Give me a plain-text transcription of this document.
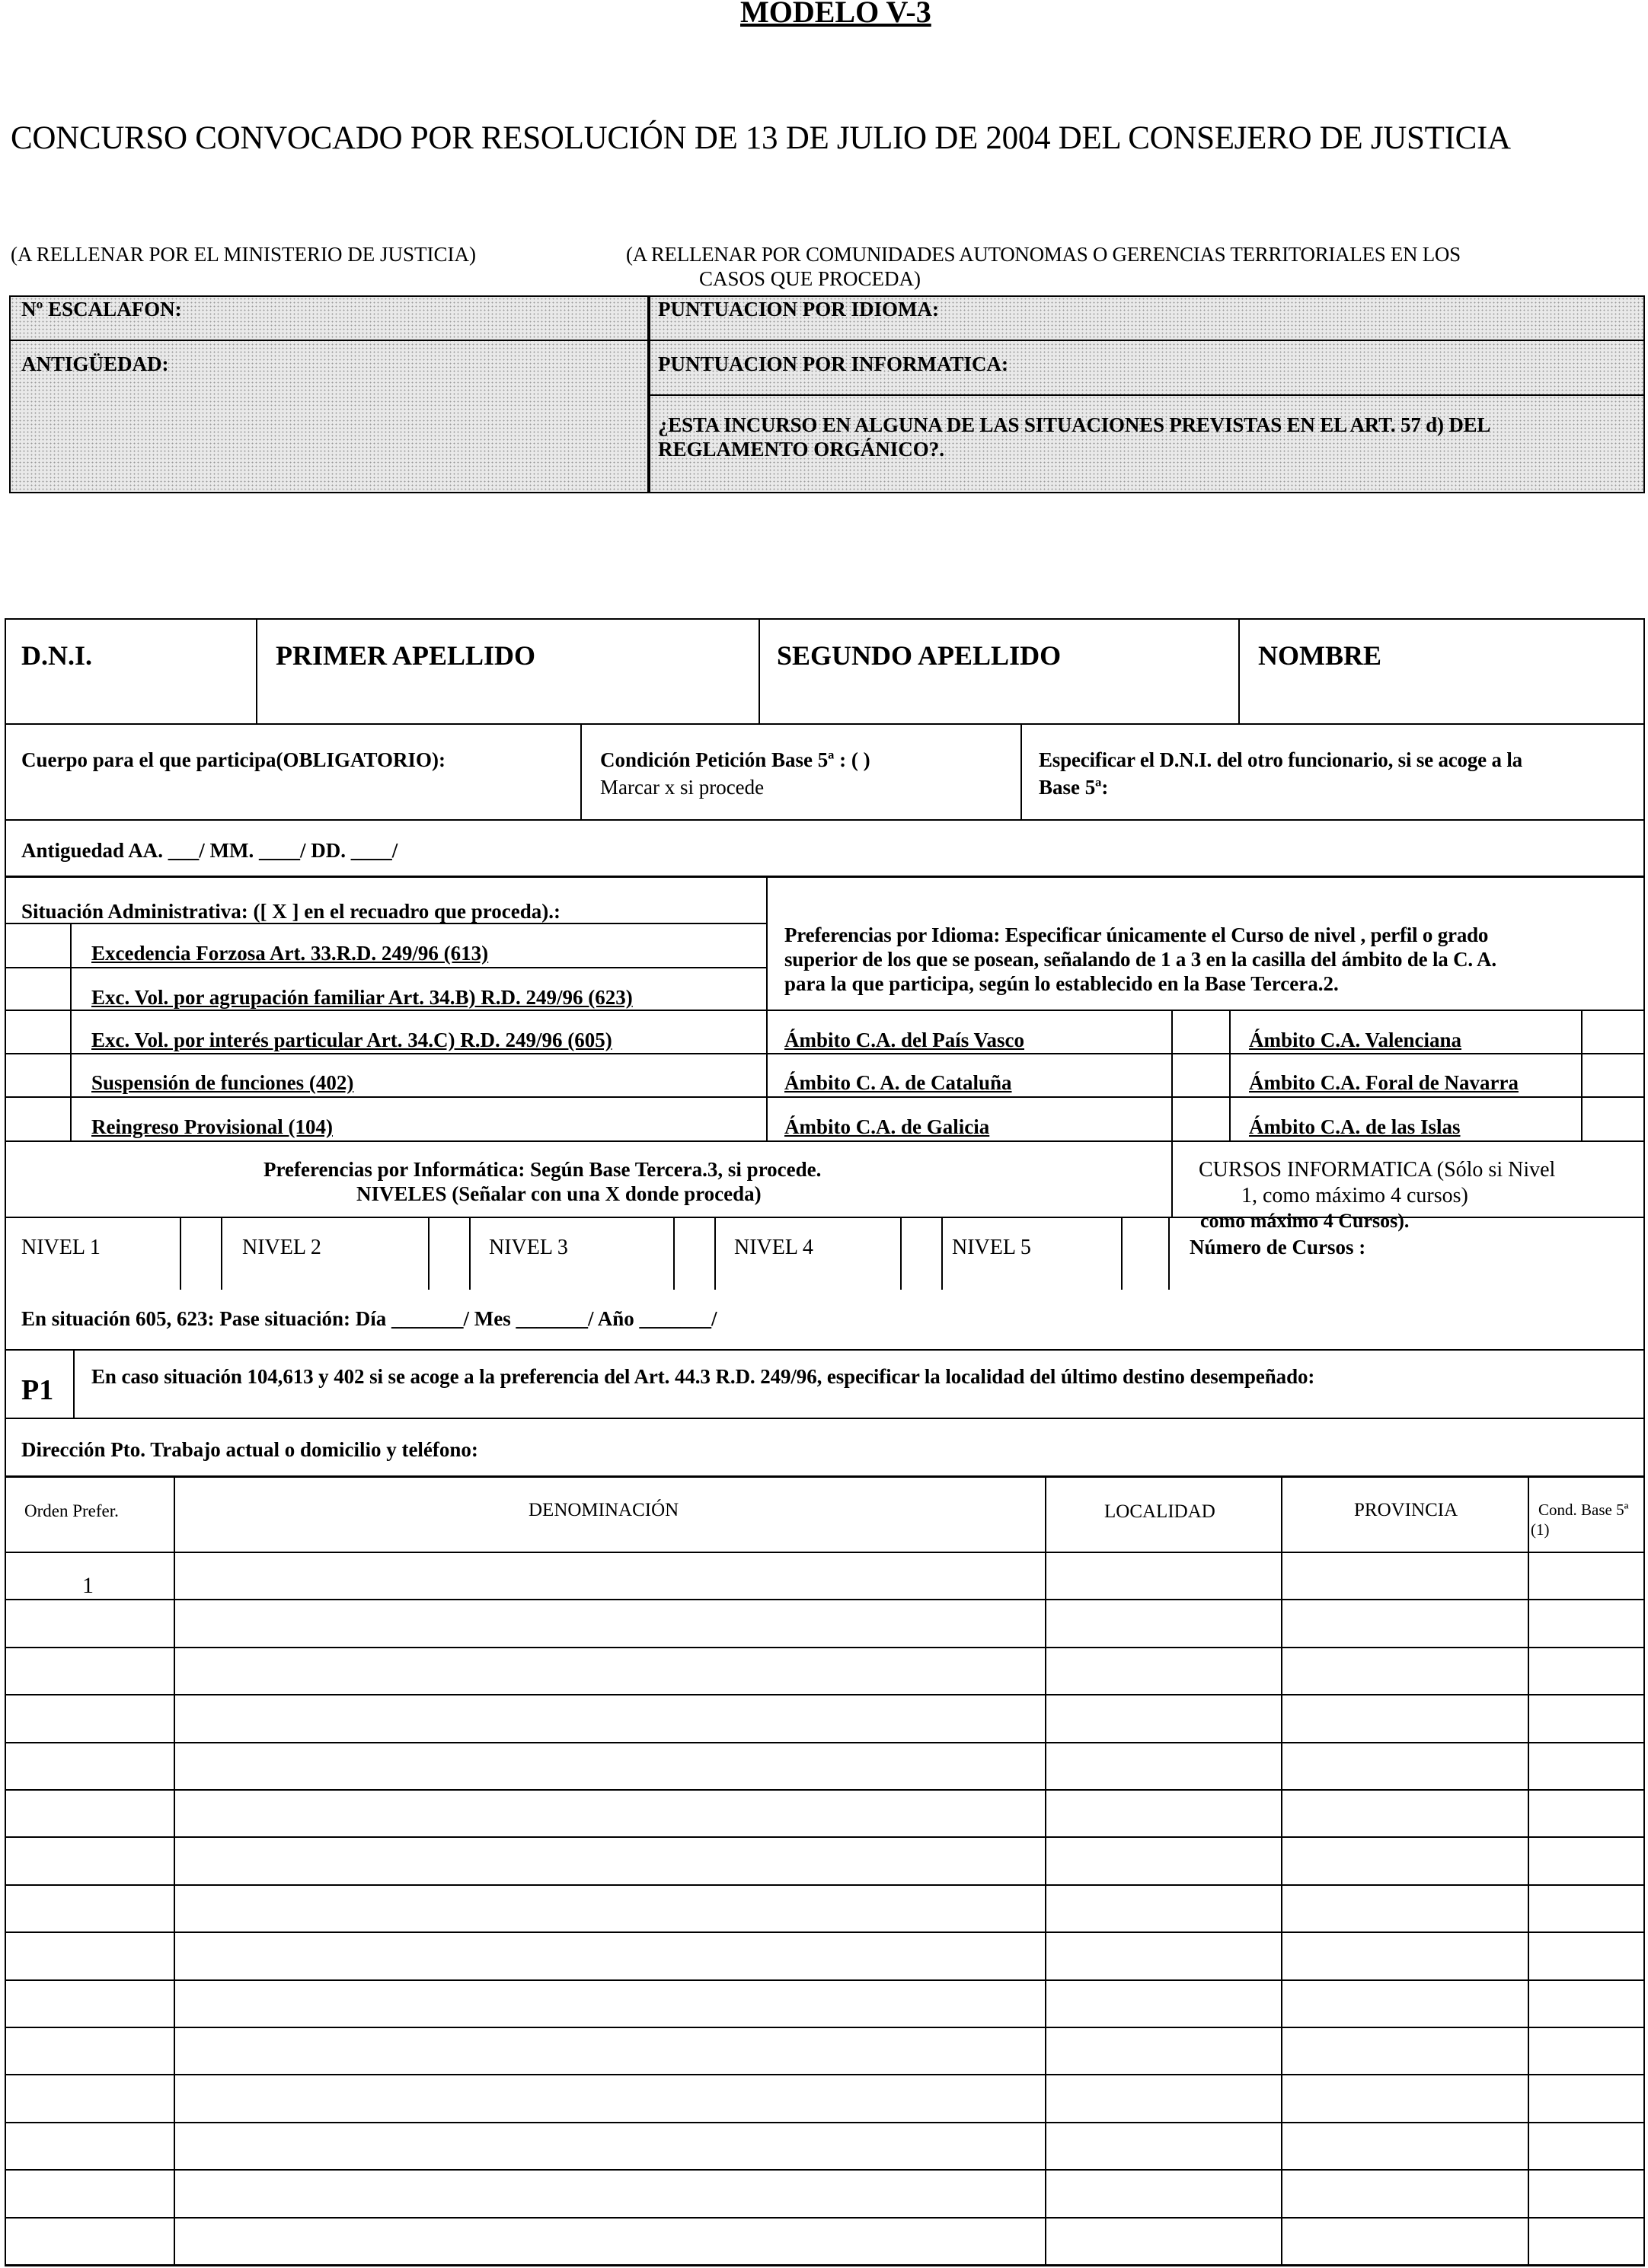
MODELO V-3
CONCURSO CONVOCADO POR RESOLUCIÓN DE 13 DE JULIO DE 2004 DEL CONSEJERO DE JUSTICIA
(A RELLENAR POR EL MINISTERIO DE JUSTICIA)	(A RELLENAR POR COMUNIDADES AUTONOMAS O GERENCIAS TERRITORIALES EN LOS
CASOS QUE PROCEDA)
Nº ESCALAFON:
ANTIGÜEDAD:
PUNTUACION POR IDIOMA:
PUNTUACION POR INFORMATICA:
¿ESTA INCURSO EN ALGUNA DE LAS SITUACIONES PREVISTAS EN EL ART. 57 d) DEL
REGLAMENTO ORGÁNICO?.
D.N.I.	PRIMER APELLIDO	SEGUNDO APELLIDO	NOMBRE
Cuerpo para el que participa(OBLIGATORIO):	Condición Petición Base 5ª : ( )
Marcar x si procede
Especificar el D.N.I. del otro funcionario, si se acoge a la
Base 5ª:
Antiguedad AA. ___/ MM. ____/ DD. ____/
Situación Administrativa: ([ X ] en el recuadro que proceda).:
Excedencia Forzosa Art. 33.R.D. 249/96 (613)
Exc. Vol. por agrupación familiar Art. 34.B) R.D. 249/96 (623)
Exc. Vol. por interés particular Art. 34.C) R.D. 249/96 (605)
Suspensión de funciones (402)
Reingreso Provisional (104)
Preferencias por Idioma: Especificar únicamente el Curso de nivel , perfil o grado
superior de los que se posean, señalando de 1 a 3 en la casilla del ámbito de la C. A.
para la que participa, según lo establecido en la Base Tercera.2.
Ámbito C.A. del País Vasco	Ámbito C.A. Valenciana
Ámbito C. A. de Cataluña	Ámbito C.A. Foral de Navarra
Ámbito C.A. de Galicia	Ámbito C.A. de las Islas
Preferencias por Informática: Según Base Tercera.3, si procede.
NIVELES (Señalar con una X donde proceda)
CURSOS INFORMATICA (Sólo si Nivel
1, como máximo 4 cursos)
como máximo 4 Cursos).
NIVEL 1	NIVEL 2	NIVEL 3	NIVEL 4	NIVEL 5	Número de Cursos :
En situación 605, 623: Pase situación: Día _______/ Mes _______/ Año _______/
P1 En caso situación 104,613 y 402 si se acoge a la preferencia del Art. 44.3 R.D. 249/96, especificar la localidad del último destino desempeñado:
Dirección Pto. Trabajo actual o domicilio y teléfono:
Orden Prefer.	DENOMINACIÓN	LOCALIDAD	PROVINCIA	Cond. Base 5ª
(1)
1
